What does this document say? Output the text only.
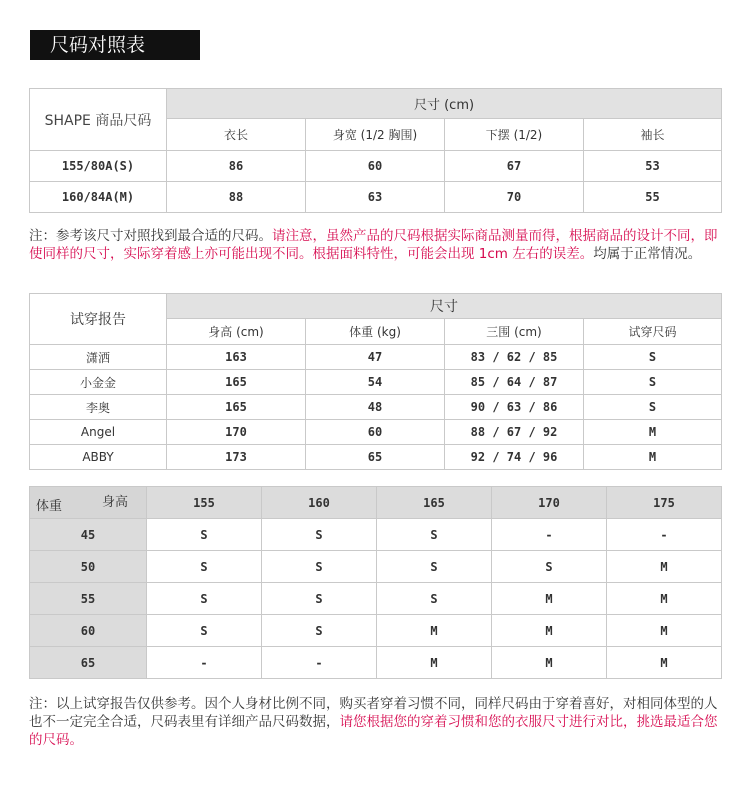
尺码对照表
SHAPE 商品尺码	尺寸 (cm)			
	衣长	身宽 (1/2 胸围)	下摆 (1/2)	袖长
155/80A(S)	86	60	67	53
160/84A(M)	88	63	70	55
注：参考该尺寸对照找到最合适的尺码。请注意，虽然产品的尺码根据实际商品测量而得，根据商品的设计不同，即使同样的尺寸，实际穿着感上亦可能出现不同。根据面料特性，可能会出现 1cm 左右的误差。均属于正常情况。
试穿报告	尺寸			
	身高 (cm)	体重 (kg)	三围 (cm)	试穿尺码
潇洒	163	47	83 / 62 / 85	S
小金金	165	54	85 / 64 / 87	S
李奥	165	48	90 / 63 / 86	S
Angel	170	60	88 / 67 / 92	M
ABBY	173	65	92 / 74 / 96	M
身高
体重	155	160	165	170	175
45	S	S	S	-	-
50	S	S	S	S	M
55	S	S	S	M	M
60	S	S	M	M	M
65	-	-	M	M	M
注：以上试穿报告仅供参考。因个人身材比例不同，购买者穿着习惯不同，同样尺码由于穿着喜好，对相同体型的人也不一定完全合适，尺码表里有详细产品尺码数据，请您根据您的穿着习惯和您的衣服尺寸进行对比，挑选最适合您的尺码。
